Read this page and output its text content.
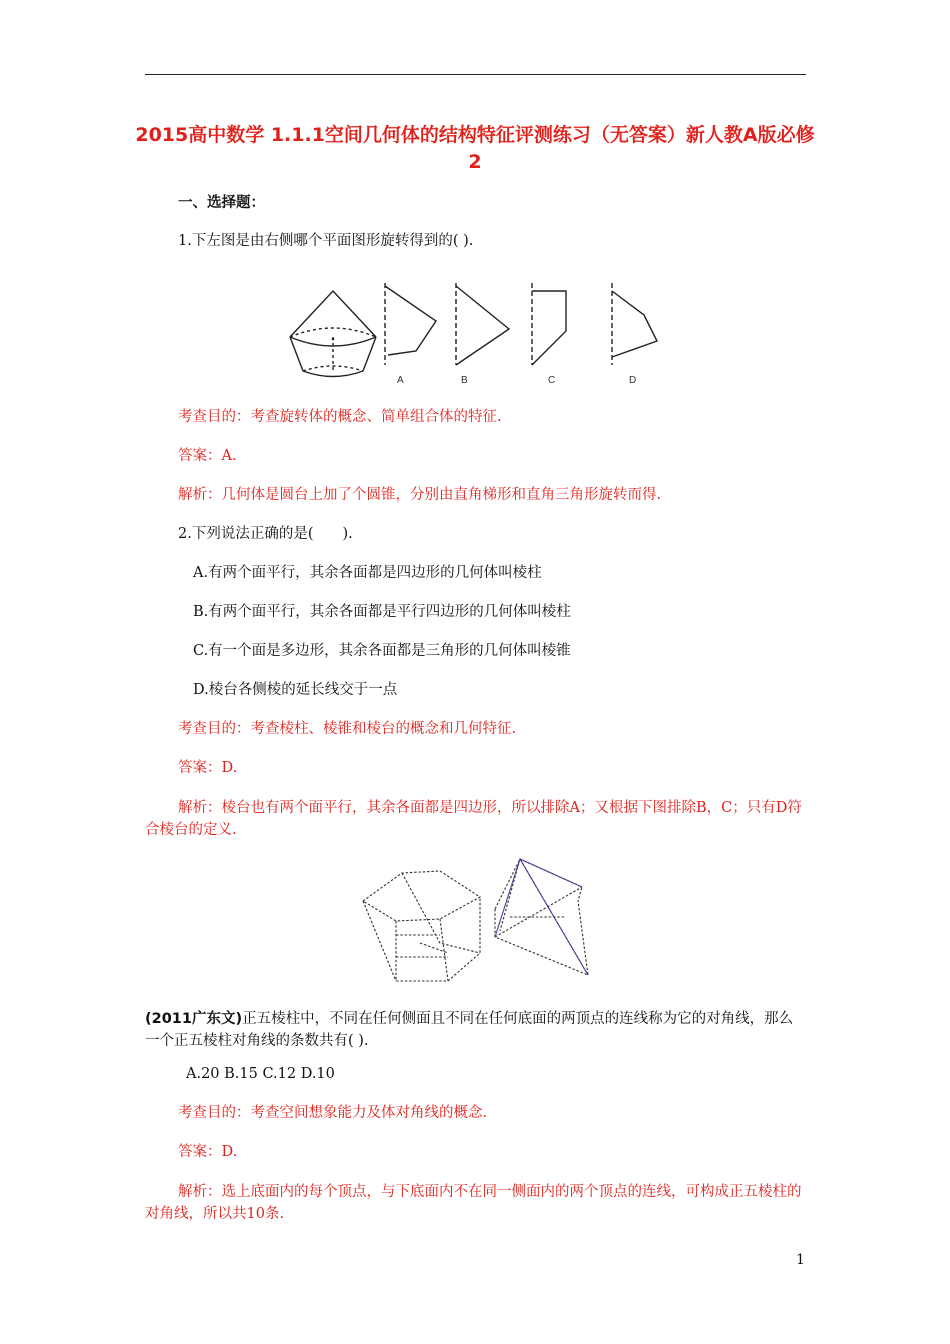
2015高中数学 1.1.1空间几何体的结构特征评测练习（无答案）新人教A版必修2
一、选择题：
1.下左图是由右侧哪个平面图形旋转得到的( ).
A	B	C	D
考查目的：考查旋转体的概念、简单组合体的特征.
答案：A.
解析：几何体是圆台上加了个圆锥，分别由直角梯形和直角三角形旋转而得.
2.下列说法正确的是(　　).
A.有两个面平行，其余各面都是四边形的几何体叫棱柱
B.有两个面平行，其余各面都是平行四边形的几何体叫棱柱
C.有一个面是多边形，其余各面都是三角形的几何体叫棱锥
D.棱台各侧棱的延长线交于一点
考查目的：考查棱柱、棱锥和棱台的概念和几何特征.
答案：D.
解析：棱台也有两个面平行，其余各面都是四边形，所以排除A；又根据下图排除B，C；只有D符合棱台的定义.
(2011广东文)正五棱柱中，不同在任何侧面且不同在任何底面的两顶点的连线称为它的对角线，那么一个正五棱柱对角线的条数共有( ).
A.20 B.15 C.12 D.10
考查目的：考查空间想象能力及体对角线的概念.
答案：D.
解析：选上底面内的每个顶点，与下底面内不在同一侧面内的两个顶点的连线，可构成正五棱柱的对角线，所以共10条.
1
